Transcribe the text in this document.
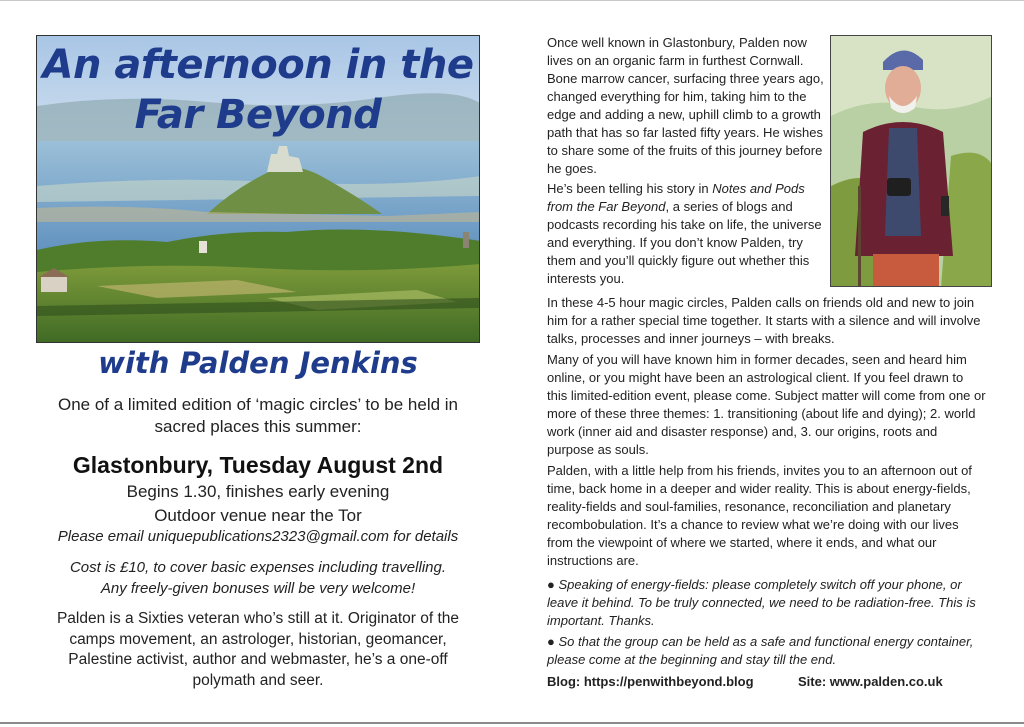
An afternoon in the
Far Beyond
with Palden Jenkins
One of a limited edition of ‘magic circles’ to be held in sacred places this summer:
Glastonbury, Tuesday August 2nd
Begins 1.30, finishes early evening
Outdoor venue near the Tor
Please email uniquepublications2323@gmail.com for details
Cost is £10, to cover basic expenses including travelling.
Any freely-given bonuses will be very welcome!
Palden is a Sixties veteran who’s still at it. Originator of the camps movement, an astrologer, historian, geomancer, Palestine activist, author and webmaster, he’s a one-off polymath and seer.
Once well known in Glastonbury, Palden now lives on an organic farm in furthest Cornwall. Bone marrow cancer, surfacing three years ago, changed everything for him, taking him to the edge and adding a new, uphill climb to a growth path that has so far lasted fifty years. He wishes to share some of the fruits of this journey before he goes.
He’s been telling his story in Notes and Pods from the Far Beyond, a series of blogs and podcasts recording his take on life, the universe and everything. If you don’t know Palden, try them and you’ll quickly figure out whether this interests you.
In these 4-5 hour magic circles, Palden calls on friends old and new to join him for a rather special time together. It starts with a silence and will involve talks, processes and inner journeys – with breaks.
Many of you will have known him in former decades, seen and heard him online, or you might have been an astrological client. If you feel drawn to this limited-edition event, please come. Subject matter will come from one or more of these three themes: 1. transitioning (about life and dying); 2. world work (inner aid and disaster response) and, 3. our origins, roots and purpose as souls.
Palden, with a little help from his friends, invites you to an afternoon out of time, back home in a deeper and wider reality. This is about energy-fields, reality-fields and soul-families, resonance, reconciliation and planetary recombobulation. It’s a chance to review what we’re doing with our lives from the viewpoint of where we started, where it ends, and what our instructions are.
● Speaking of energy-fields: please completely switch off your phone, or leave it behind. To be truly connected, we need to be radiation-free. This is important. Thanks.
● So that the group can be held as a safe and functional energy container, please come at the beginning and stay till the end.
Blog: https://penwithbeyond.blog	Site: www.palden.co.uk
